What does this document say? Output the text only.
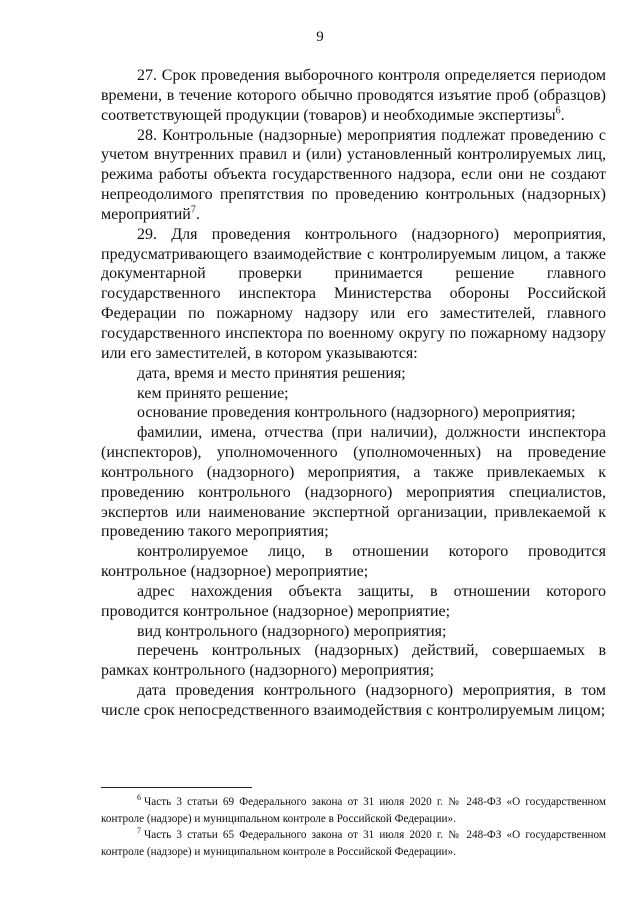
9

27. Срок проведения выборочного контроля определяется периодом времени, в течение которого обычно проводятся изъятие проб (образцов) соответствующей продукции (товаров) и необходимые экспертизы$^6$.

28. Контрольные (надзорные) мероприятия подлежат проведению с учетом внутренних правил и (или) установленный контролируемых лиц, режима работы объекта государственного надзора, если они не создают непреодолимого препятствия по проведению контрольных (надзорных) мероприятий$^7$.

29. Для проведения контрольного (надзорного) мероприятия, предусматривающего взаимодействие с контролируемым лицом, а также документарной проверки принимается решение главного государственного инспектора Министерства обороны Российской Федерации по пожарному надзору или его заместителей, главного государственного инспектора по военному округу по пожарному надзору или его заместителей, в котором указываются:

дата, время и место принятия решения;

кем принято решение;

основание проведения контрольного (надзорного) мероприятия;

фамилии, имена, отчества (при наличии), должности инспектора (инспекторов), уполномоченного (уполномоченных) на проведение контрольного (надзорного) мероприятия, а также привлекаемых к проведению контрольного (надзорного) мероприятия специалистов, экспертов или наименование экспертной организации, привлекаемой к проведению такого мероприятия;

контролируемое лицо, в отношении которого проводится контрольное (надзорное) мероприятие;

адрес нахождения объекта защиты, в отношении которого проводится контрольное (надзорное) мероприятие;

вид контрольного (надзорного) мероприятия;

перечень контрольных (надзорных) действий, совершаемых в рамках контрольного (надзорного) мероприятия;

дата проведения контрольного (надзорного) мероприятия, в том числе срок непосредственного взаимодействия с контролируемым лицом;

$^6$ Часть 3 статьи 69 Федерального закона от 31 июля 2020 г. № 248-ФЗ «О государственном контроле (надзоре) и муниципальном контроле в Российской Федерации».

$^7$ Часть 3 статьи 65 Федерального закона от 31 июля 2020 г. № 248-ФЗ «О государственном контроле (надзоре) и муниципальном контроле в Российской Федерации».
